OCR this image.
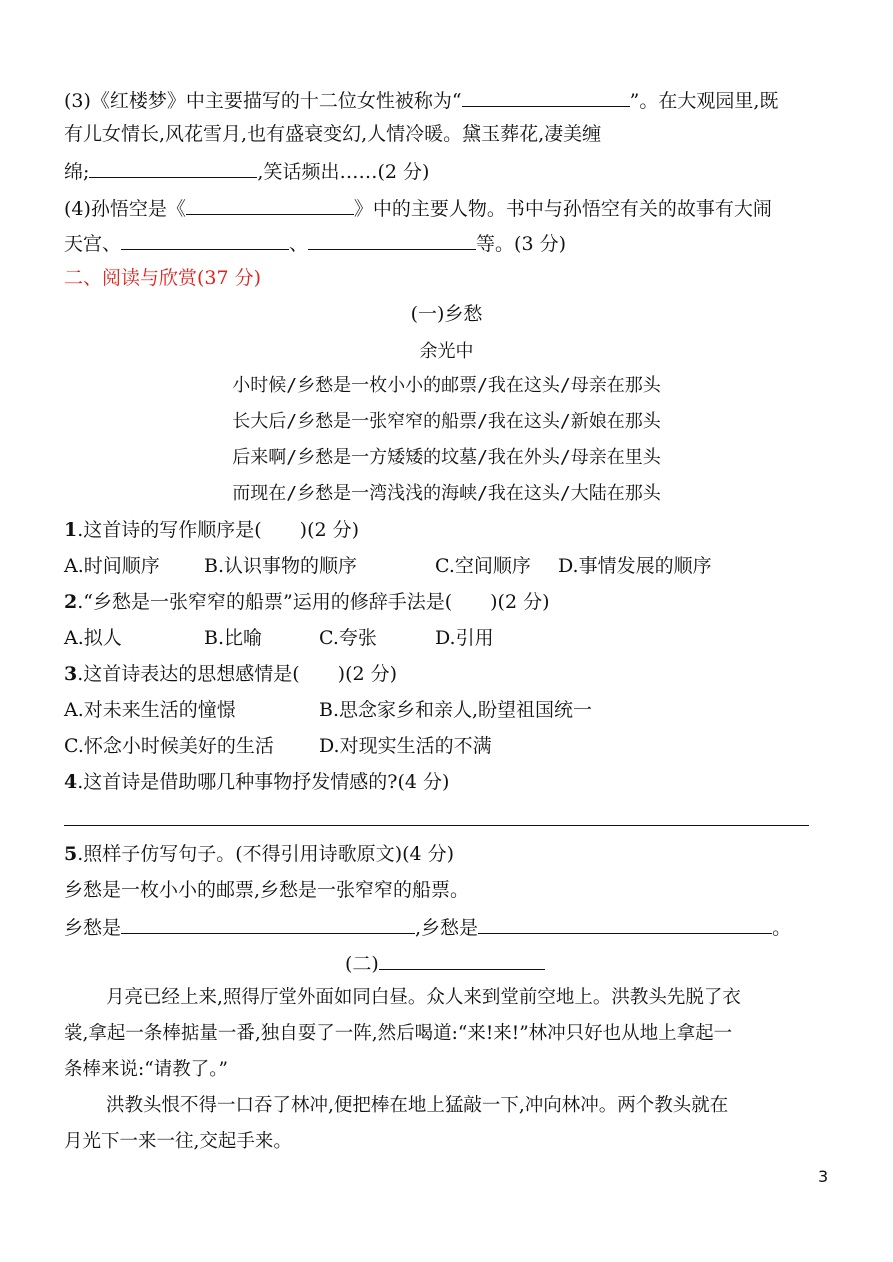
(3)《红楼梦》中主要描写的十二位女性被称为“	”。在大观园里,既
有儿女情长,风花雪月,也有盛衰变幻,人情冷暖。黛玉葬花,凄美缠
绵;	,笑话频出……(2 分)
(4)孙悟空是《	》中的主要人物。书中与孙悟空有关的故事有大闹
天宫、	、	等。(3 分)
二、阅读与欣赏(37 分)
(一)乡愁
余光中
小时候/乡愁是一枚小小的邮票/我在这头/母亲在那头
长大后/乡愁是一张窄窄的船票/我在这头/新娘在那头
后来啊/乡愁是一方矮矮的坟墓/我在外头/母亲在里头
而现在/乡愁是一湾浅浅的海峡/我在这头/大陆在那头
1.这首诗的写作顺序是(　　)(2 分)
A.时间顺序 B.认识事物的顺序	C.空间顺序 D.事情发展的顺序
2.“乡愁是一张窄窄的船票”运用的修辞手法是(　　)(2 分)
A.拟人	B.比喻	C.夸张	D.引用
3.这首诗表达的思想感情是(　　)(2 分)
A.对未来生活的憧憬	B.思念家乡和亲人,盼望祖国统一
C.怀念小时候美好的生活 D.对现实生活的不满
4.这首诗是借助哪几种事物抒发情感的?(4 分)
5.照样子仿写句子。(不得引用诗歌原文)(4 分)
乡愁是一枚小小的邮票,乡愁是一张窄窄的船票。
乡愁是	,乡愁是	。
(二)
月亮已经上来,照得厅堂外面如同白昼。众人来到堂前空地上。洪教头先脱了衣
裳,拿起一条棒掂量一番,独自耍了一阵,然后喝道:“来!来!”林冲只好也从地上拿起一
条棒来说:“请教了。”
洪教头恨不得一口吞了林冲,便把棒在地上猛敲一下,冲向林冲。两个教头就在
月光下一来一往,交起手来。
3
